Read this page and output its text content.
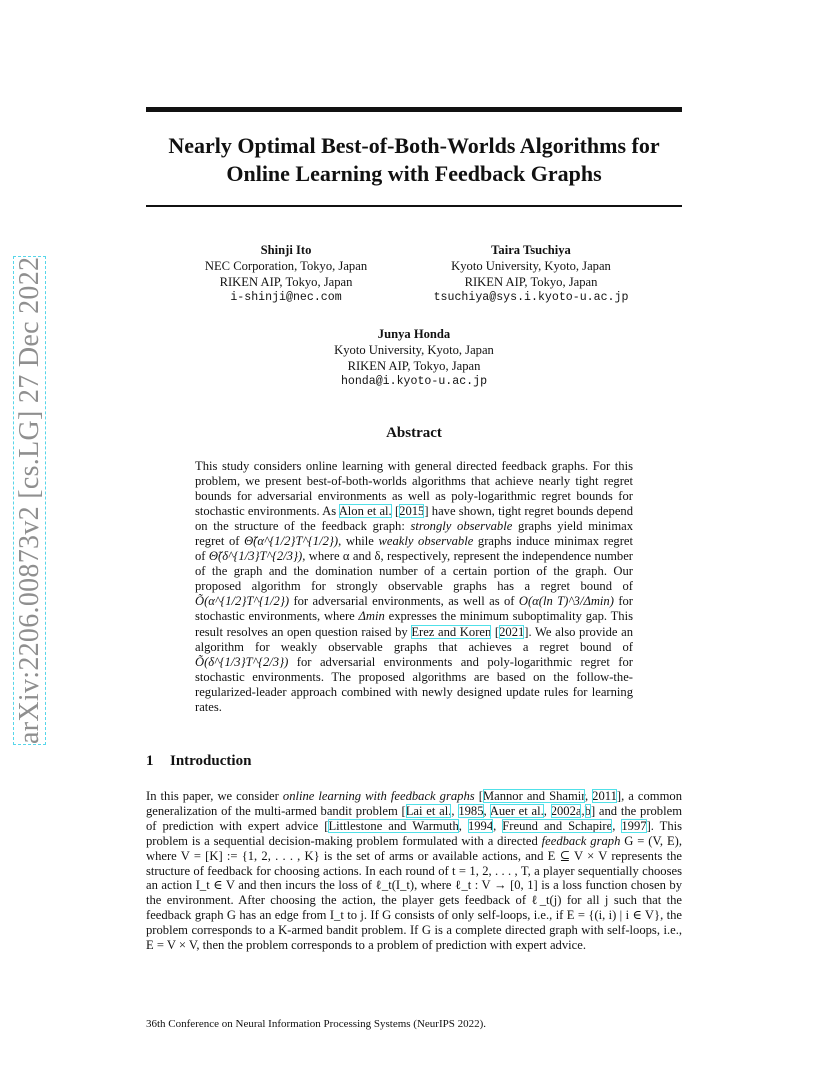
Nearly Optimal Best-of-Both-Worlds Algorithms for
Online Learning with Feedback Graphs
arXiv:2206.00873v2 [cs.LG] 27 Dec 2022
Shinji Ito
NEC Corporation, Tokyo, Japan
RIKEN AIP, Tokyo, Japan
i-shinji@nec.com
Taira Tsuchiya
Kyoto University, Kyoto, Japan
RIKEN AIP, Tokyo, Japan
tsuchiya@sys.i.kyoto-u.ac.jp
Junya Honda
Kyoto University, Kyoto, Japan
RIKEN AIP, Tokyo, Japan
honda@i.kyoto-u.ac.jp
Abstract

This study considers online learning with general directed feedback graphs. For this problem, we present best-of-both-worlds algorithms that achieve nearly tight regret bounds for adversarial environments as well as poly-logarithmic regret bounds for stochastic environments. As Alon et al. [2015] have shown, tight regret bounds depend on the structure of the feedback graph: strongly observable graphs yield minimax regret of Θ̃(α^{1/2}T^{1/2}), while weakly observable graphs induce minimax regret of Θ̃(δ^{1/3}T^{2/3}), where α and δ, respectively, represent the independence number of the graph and the domination number of a certain portion of the graph. Our proposed algorithm for strongly observable graphs has a regret bound of Õ(α^{1/2}T^{1/2}) for adversarial environments, as well as of O(α(ln T)^3/Δmin) for stochastic environments, where Δmin expresses the minimum suboptimality gap. This result resolves an open question raised by Erez and Koren [2021]. We also provide an algorithm for weakly observable graphs that achieves a regret bound of Õ(δ^{1/3}T^{2/3}) for adversarial environments and poly-logarithmic regret for stochastic environments. The proposed algorithms are based on the follow-the-regularized-leader approach combined with newly designed update rules for learning rates.

1 Introduction

In this paper, we consider online learning with feedback graphs [Mannor and Shamir, 2011], a common generalization of the multi-armed bandit problem [Lai et al., 1985, Auer et al., 2002a,b] and the problem of prediction with expert advice [Littlestone and Warmuth, 1994, Freund and Schapire, 1997]. This problem is a sequential decision-making problem formulated with a directed feedback graph G = (V, E), where V = [K] := {1, 2, . . . , K} is the set of arms or available actions, and E ⊆ V × V represents the structure of feedback for choosing actions. In each round of t = 1, 2, . . . , T, a player sequentially chooses an action I_t ∈ V and then incurs the loss of ℓ_t(I_t), where ℓ_t : V → [0, 1] is a loss function chosen by the environment. After choosing the action, the player gets feedback of ℓ_t(j) for all j such that the feedback graph G has an edge from I_t to j. If G consists of only self-loops, i.e., if E = {(i, i) | i ∈ V}, the problem corresponds to a K-armed bandit problem. If G is a complete directed graph with self-loops, i.e., E = V × V, then the problem corresponds to a problem of prediction with expert advice.

36th Conference on Neural Information Processing Systems (NeurIPS 2022).
